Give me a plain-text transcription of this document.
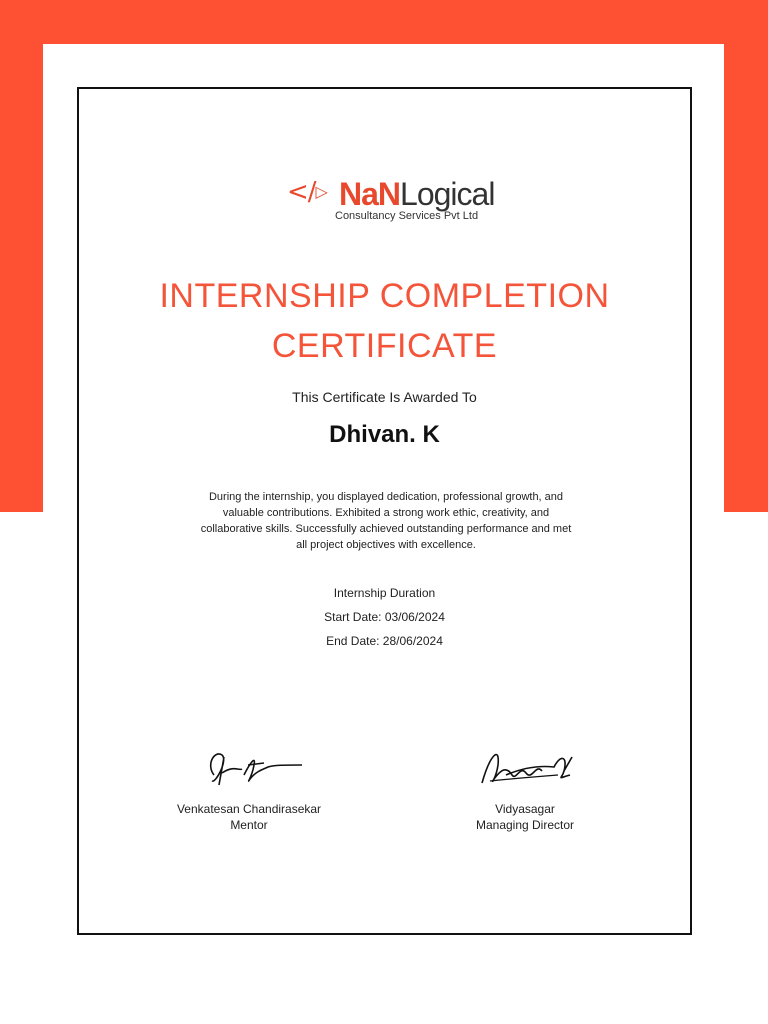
</▷ NaNLogical
Consultancy Services Pvt Ltd
INTERNSHIP COMPLETION
CERTIFICATE
This Certificate Is Awarded To
Dhivan. K
During the internship, you displayed dedication, professional growth, and valuable contributions. Exhibited a strong work ethic, creativity, and collaborative skills. Successfully achieved outstanding performance and met all project objectives with excellence.
Internship Duration
Start Date: 03/06/2024
End Date: 28/06/2024
Venkatesan Chandirasekar
Mentor
Vidyasagar
Managing Director
